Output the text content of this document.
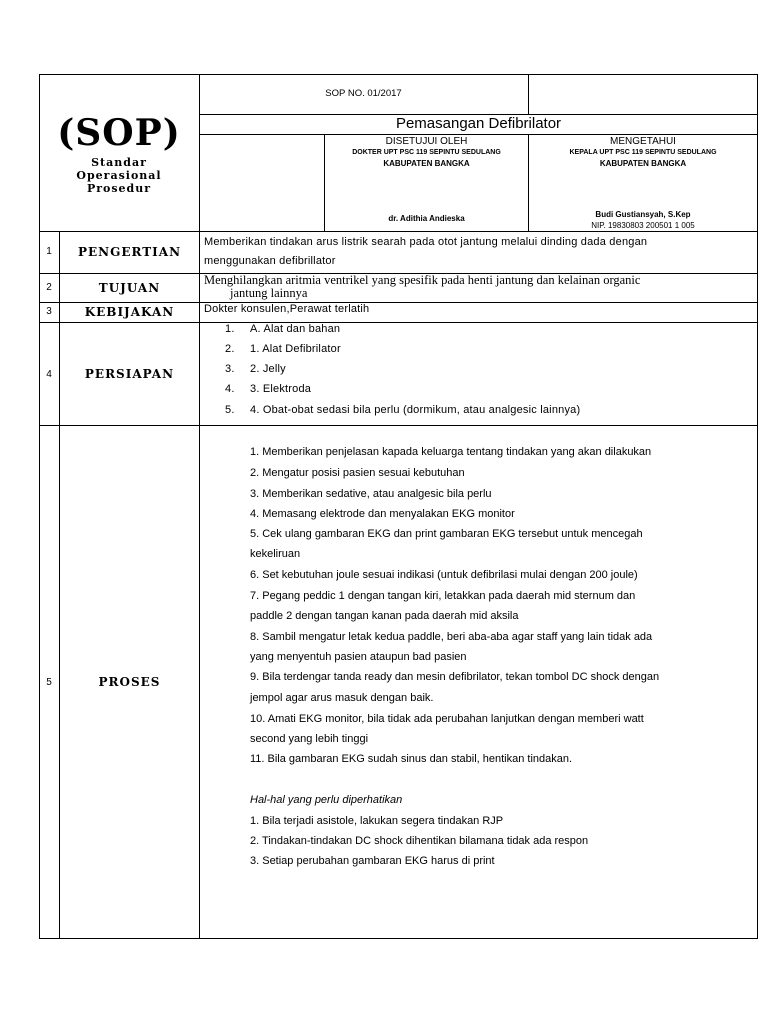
(SOP)
Standar
Operasional
Prosedur
SOP NO. 01/2017
Pemasangan Defibrilator
DISETUJUI OLEH
DOKTER UPT PSC 119 SEPINTU SEDULANG
KABUPATEN BANGKA
dr. Adithia Andieska
MENGETAHUI
KEPALA UPT PSC 119 SEPINTU SEDULANG
KABUPATEN BANGKA
Budi Gustiansyah, S.Kep
NIP. 19830803 200501 1 005
1	PENGERTIAN
Memberikan tindakan arus listrik searah pada otot jantung melalui dinding dada dengan
menggunakan defibrillator
2	TUJUAN
Menghilangkan aritmia ventrikel yang spesifik pada henti jantung dan kelainan organic
jantung lainnya
3	KEBIJAKAN	Dokter konsulen,Perawat terlatih
4	PERSIAPAN
1. A. Alat dan bahan
2. 1. Alat Defibrilator
3. 2. Jelly
4. 3. Elektroda
5. 4. Obat-obat sedasi bila perlu (dormikum, atau analgesic lainnya)
5	PROSES
1. Memberikan penjelasan kapada keluarga tentang tindakan yang akan dilakukan
2. Mengatur posisi pasien sesuai kebutuhan
3. Memberikan sedative, atau analgesic bila perlu
4. Memasang elektrode dan menyalakan EKG monitor
5. Cek ulang gambaran EKG dan print gambaran EKG tersebut untuk mencegah
kekeliruan
6. Set kebutuhan joule sesuai indikasi (untuk defibrilasi mulai dengan 200 joule)
7. Pegang peddic 1 dengan tangan kiri, letakkan pada daerah mid sternum dan
paddle 2 dengan tangan kanan pada daerah mid aksila
8. Sambil mengatur letak kedua paddle, beri aba-aba agar staff yang lain tidak ada
yang menyentuh pasien ataupun bad pasien
9. Bila terdengar tanda ready dan mesin defibrilator, tekan tombol DC shock dengan
jempol agar arus masuk dengan baik.
10. Amati EKG monitor, bila tidak ada perubahan lanjutkan dengan memberi watt
second yang lebih tinggi
11. Bila gambaran EKG sudah sinus dan stabil, hentikan tindakan.
Hal-hal yang perlu diperhatikan
1. Bila terjadi asistole, lakukan segera tindakan RJP
2. Tindakan-tindakan DC shock dihentikan bilamana tidak ada respon
3. Setiap perubahan gambaran EKG harus di print
